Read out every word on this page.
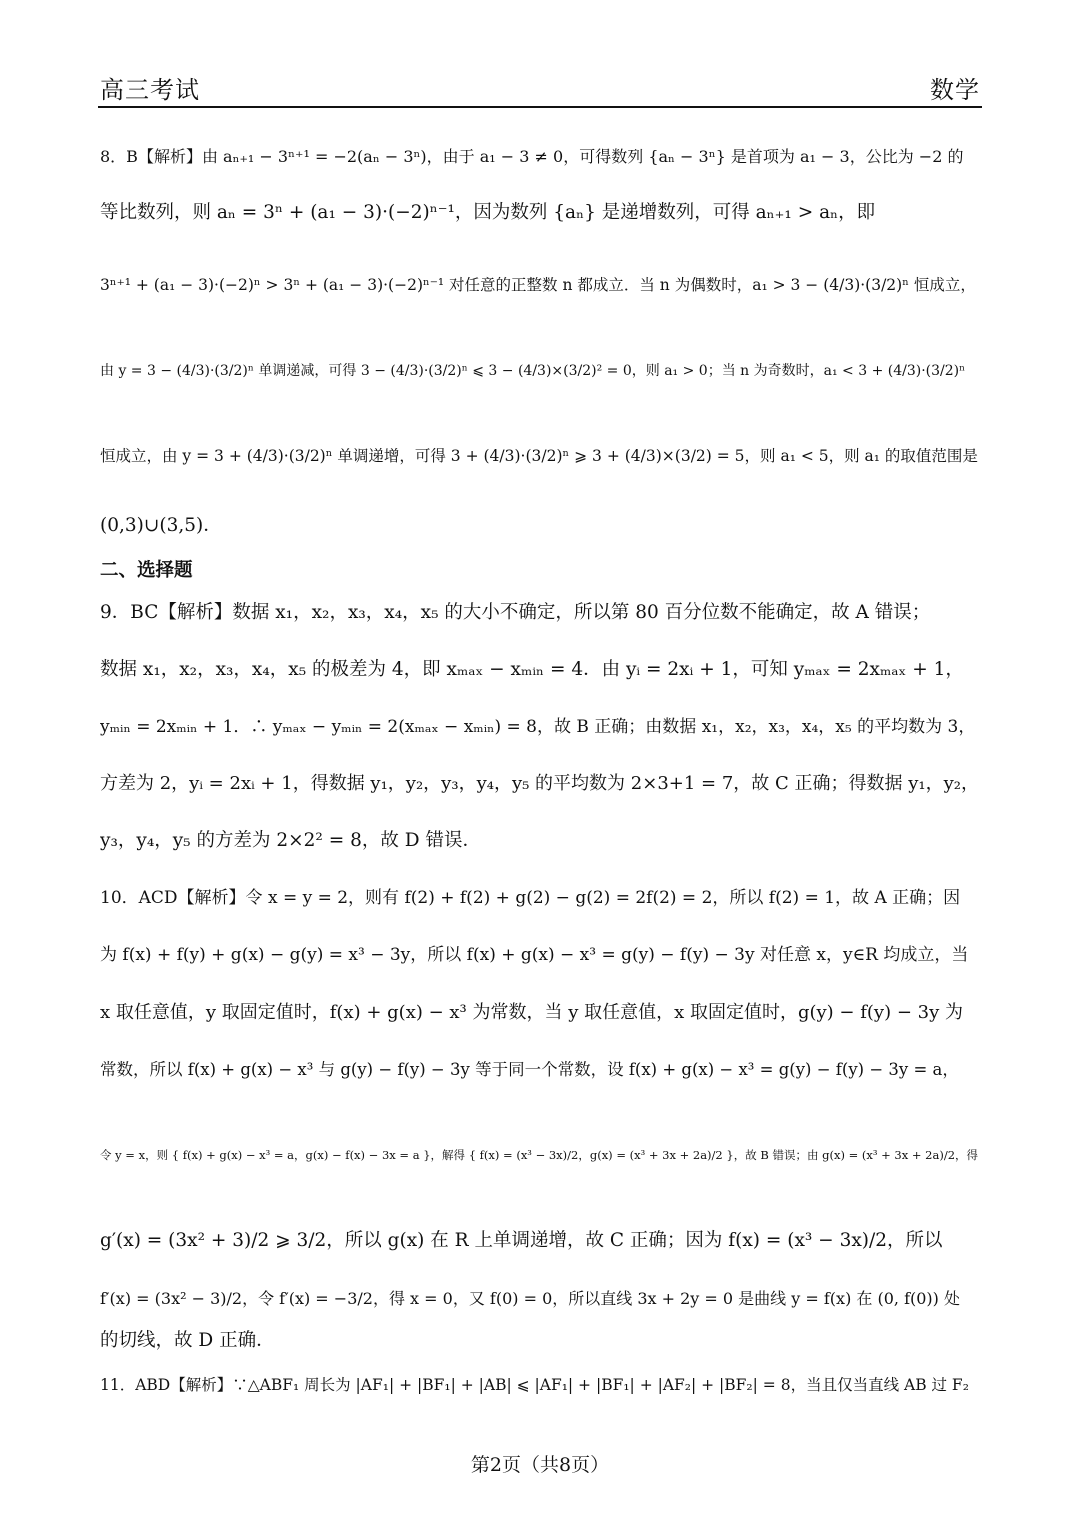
高三考试	数学
8．B【解析】由 aₙ₊₁ − 3ⁿ⁺¹ = −2(aₙ − 3ⁿ)，由于 a₁ − 3 ≠ 0，可得数列 {aₙ − 3ⁿ} 是首项为 a₁ − 3，公比为 −2 的
等比数列，则 aₙ = 3ⁿ + (a₁ − 3)·(−2)ⁿ⁻¹，因为数列 {aₙ} 是递增数列，可得 aₙ₊₁ > aₙ，即
3ⁿ⁺¹ + (a₁ − 3)·(−2)ⁿ > 3ⁿ + (a₁ − 3)·(−2)ⁿ⁻¹ 对任意的正整数 n 都成立．当 n 为偶数时，a₁ > 3 − (4/3)·(3/2)ⁿ 恒成立，
由 y = 3 − (4/3)·(3/2)ⁿ 单调递减，可得 3 − (4/3)·(3/2)ⁿ ⩽ 3 − (4/3)×(3/2)² = 0，则 a₁ > 0；当 n 为奇数时，a₁ < 3 + (4/3)·(3/2)ⁿ
恒成立，由 y = 3 + (4/3)·(3/2)ⁿ 单调递增，可得 3 + (4/3)·(3/2)ⁿ ⩾ 3 + (4/3)×(3/2) = 5，则 a₁ < 5，则 a₁ 的取值范围是
(0,3)∪(3,5)．
二、选择题
9．BC【解析】数据 x₁，x₂，x₃，x₄，x₅ 的大小不确定，所以第 80 百分位数不能确定，故 A 错误；
数据 x₁，x₂，x₃，x₄，x₅ 的极差为 4，即 xₘₐₓ − xₘᵢₙ = 4．由 yᵢ = 2xᵢ + 1，可知 yₘₐₓ = 2xₘₐₓ + 1，
yₘᵢₙ = 2xₘᵢₙ + 1．∴ yₘₐₓ − yₘᵢₙ = 2(xₘₐₓ − xₘᵢₙ) = 8，故 B 正确；由数据 x₁，x₂，x₃，x₄，x₅ 的平均数为 3，
方差为 2，yᵢ = 2xᵢ + 1，得数据 y₁，y₂，y₃，y₄，y₅ 的平均数为 2×3+1 = 7，故 C 正确；得数据 y₁，y₂，
y₃，y₄，y₅ 的方差为 2×2² = 8，故 D 错误．
10．ACD【解析】令 x = y = 2，则有 f(2) + f(2) + g(2) − g(2) = 2f(2) = 2，所以 f(2) = 1，故 A 正确；因
为 f(x) + f(y) + g(x) − g(y) = x³ − 3y，所以 f(x) + g(x) − x³ = g(y) − f(y) − 3y 对任意 x，y∈R 均成立，当
x 取任意值，y 取固定值时，f(x) + g(x) − x³ 为常数，当 y 取任意值，x 取固定值时，g(y) − f(y) − 3y 为
常数，所以 f(x) + g(x) − x³ 与 g(y) − f(y) − 3y 等于同一个常数，设 f(x) + g(x) − x³ = g(y) − f(y) − 3y = a，
令 y = x，则 { f(x) + g(x) − x³ = a，g(x) − f(x) − 3x = a }，解得 { f(x) = (x³ − 3x)/2，g(x) = (x³ + 3x + 2a)/2 }，故 B 错误；由 g(x) = (x³ + 3x + 2a)/2，得
g′(x) = (3x² + 3)/2 ⩾ 3/2，所以 g(x) 在 R 上单调递增，故 C 正确；因为 f(x) = (x³ − 3x)/2，所以
f′(x) = (3x² − 3)/2，令 f′(x) = −3/2，得 x = 0，又 f(0) = 0，所以直线 3x + 2y = 0 是曲线 y = f(x) 在 (0, f(0)) 处
的切线，故 D 正确．
11．ABD【解析】∵△ABF₁ 周长为 |AF₁| + |BF₁| + |AB| ⩽ |AF₁| + |BF₁| + |AF₂| + |BF₂| = 8，当且仅当直线 AB 过 F₂
第2页（共8页）
